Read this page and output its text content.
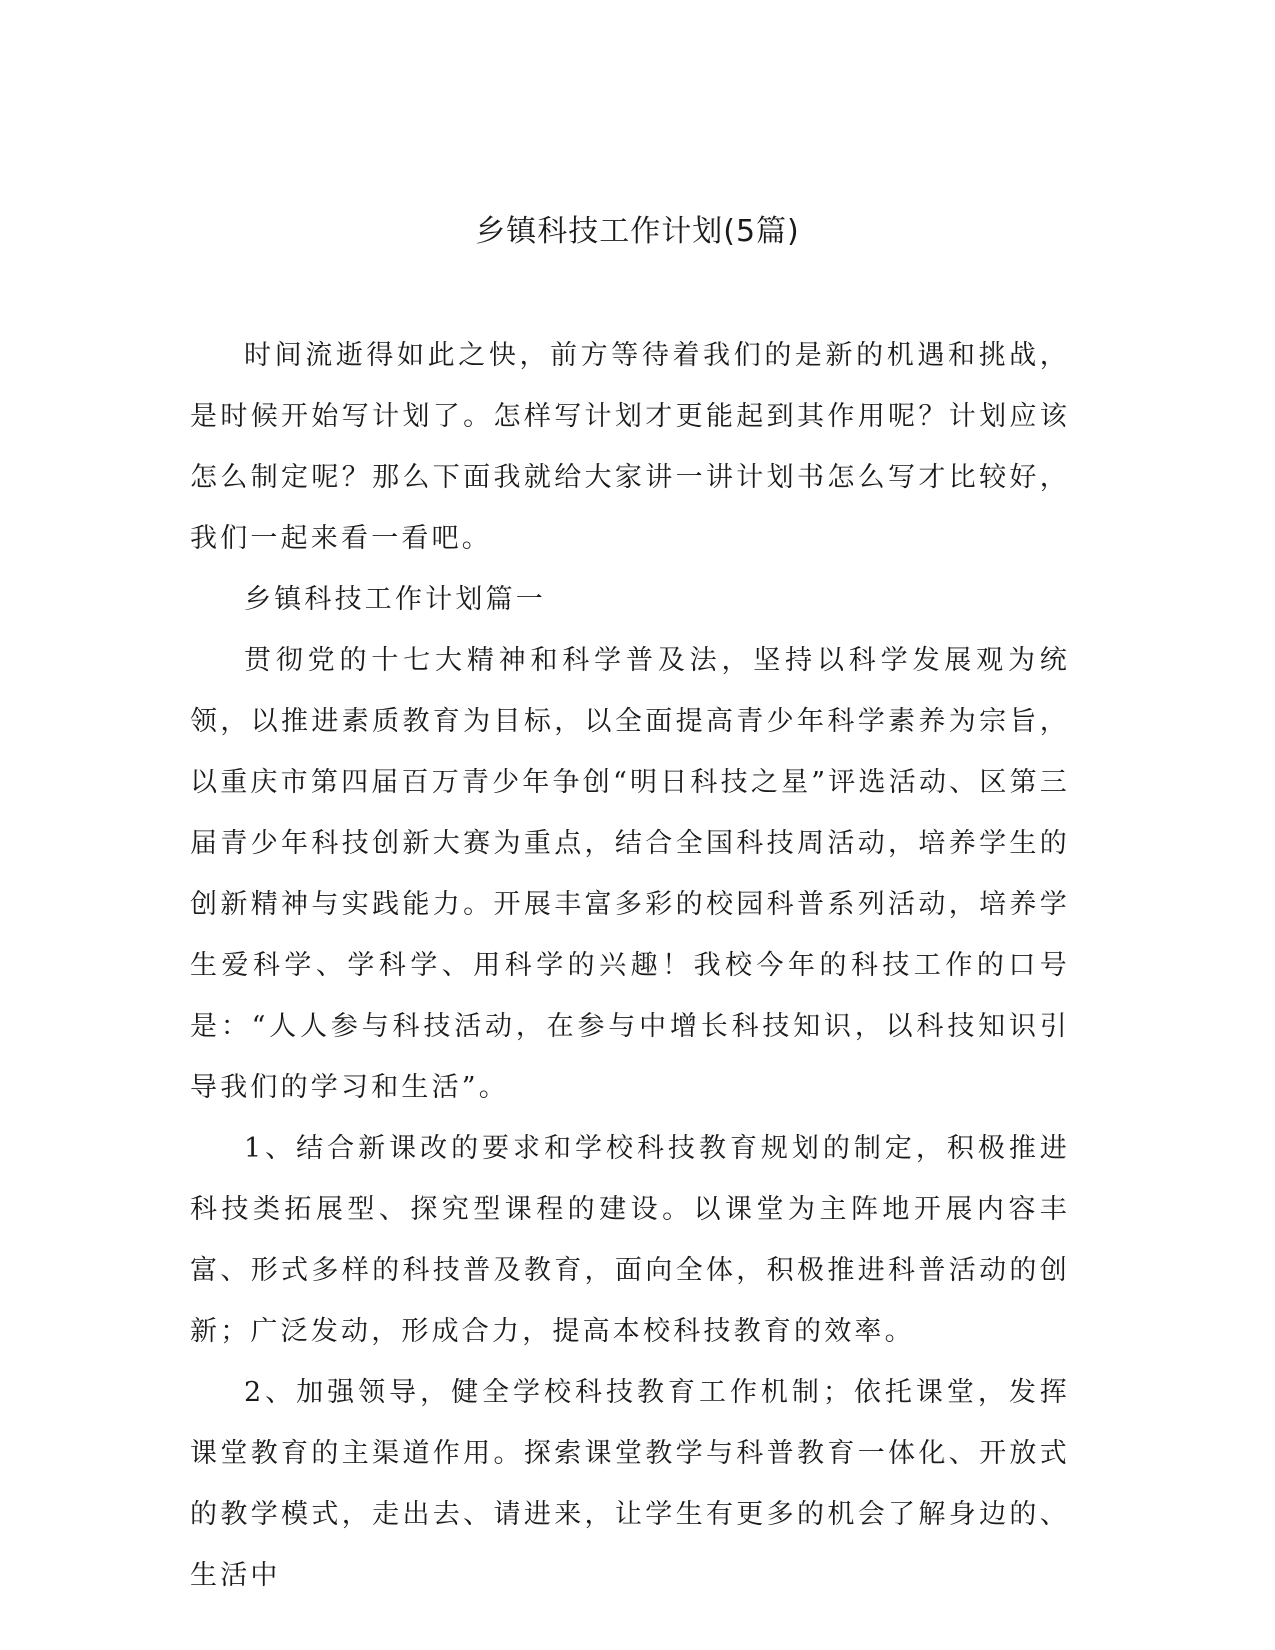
乡镇科技工作计划(5篇)

时间流逝得如此之快，前方等待着我们的是新的机遇和挑战，是时候开始写计划了。怎样写计划才更能起到其作用呢？计划应该怎么制定呢？那么下面我就给大家讲一讲计划书怎么写才比较好，我们一起来看一看吧。

乡镇科技工作计划篇一

贯彻党的十七大精神和科学普及法，坚持以科学发展观为统领，以推进素质教育为目标，以全面提高青少年科学素养为宗旨，以重庆市第四届百万青少年争创“明日科技之星”评选活动、区第三届青少年科技创新大赛为重点，结合全国科技周活动，培养学生的创新精神与实践能力。开展丰富多彩的校园科普系列活动，培养学生爱科学、学科学、用科学的兴趣！我校今年的科技工作的口号是：“人人参与科技活动，在参与中增长科技知识，以科技知识引导我们的学习和生活”。

1、结合新课改的要求和学校科技教育规划的制定，积极推进科技类拓展型、探究型课程的建设。以课堂为主阵地开展内容丰富、形式多样的科技普及教育，面向全体，积极推进科普活动的创新；广泛发动，形成合力，提高本校科技教育的效率。

2、加强领导，健全学校科技教育工作机制；依托课堂，发挥课堂教育的主渠道作用。探索课堂教学与科普教育一体化、开放式的教学模式，走出去、请进来，让学生有更多的机会了解身边的、生活中
